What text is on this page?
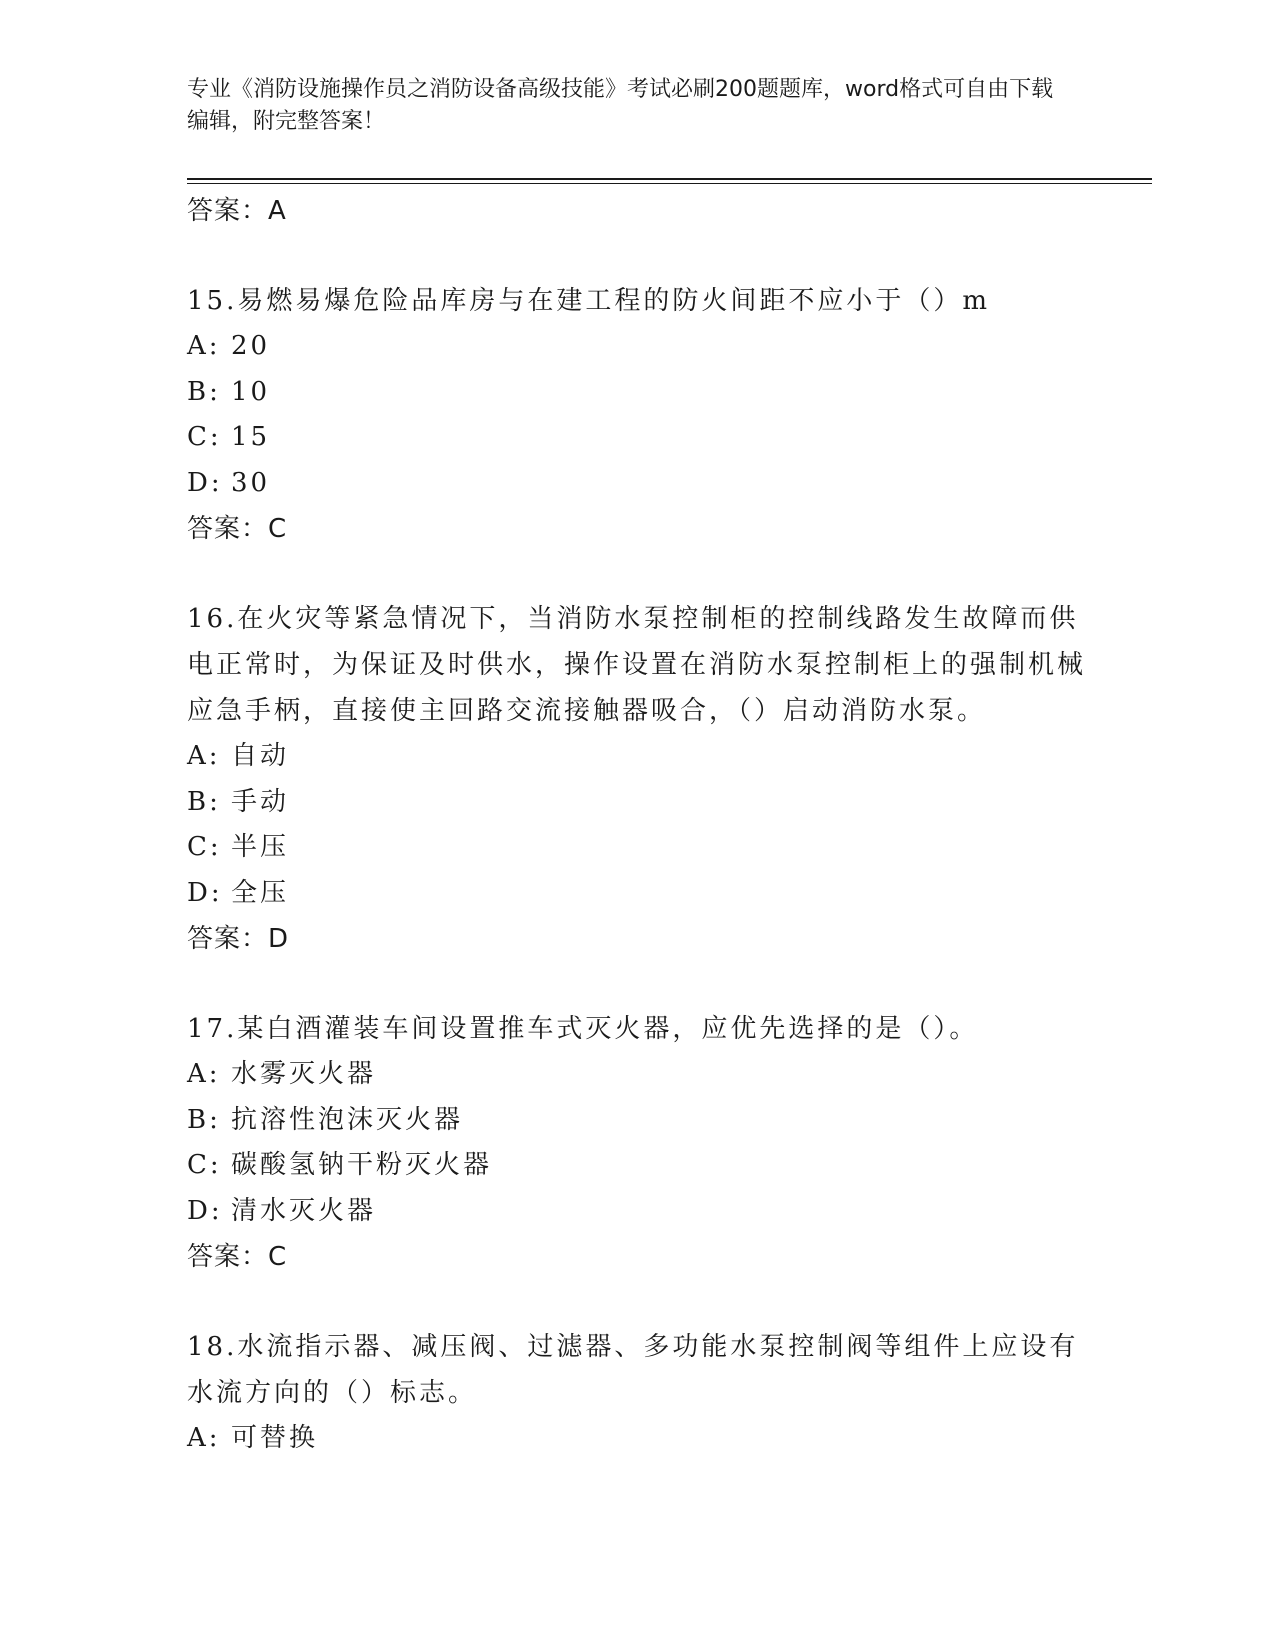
专业《消防设施操作员之消防设备高级技能》考试必刷200题题库，word格式可自由下载编辑，附完整答案！
答案：A
15.易燃易爆危险品库房与在建工程的防火间距不应小于（）m
A: 20
B: 10
C: 15
D: 30
答案：C
16.在火灾等紧急情况下，当消防水泵控制柜的控制线路发生故障而供电正常时，为保证及时供水，操作设置在消防水泵控制柜上的强制机械应急手柄，直接使主回路交流接触器吸合，（）启动消防水泵。
A: 自动
B: 手动
C: 半压
D: 全压
答案：D
17.某白酒灌装车间设置推车式灭火器，应优先选择的是（）。
A: 水雾灭火器
B: 抗溶性泡沫灭火器
C: 碳酸氢钠干粉灭火器
D: 清水灭火器
答案：C
18.水流指示器、减压阀、过滤器、多功能水泵控制阀等组件上应设有水流方向的（）标志。
A: 可替换
